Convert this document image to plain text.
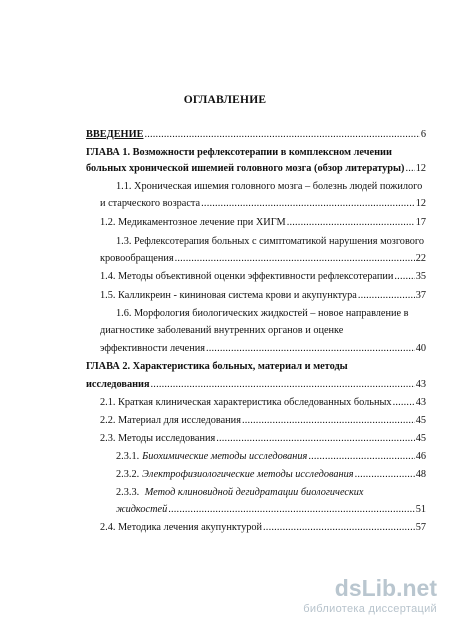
ОГЛАВЛЕНИЕ
ВВЕДЕНИЕ .....	6
ГЛАВА 1. Возможности рефлексотерапии в комплексном лечении
больных хронической ишемией головного мозга (обзор литературы) ..... 12
1.1. Хроническая ишемия головного мозга – болезнь людей пожилого
и старческого возраста .....	12
1.2. Медикаментозное лечение при ХИГМ .....	17
1.3. Рефлексотерапия больных с симптоматикой нарушения мозгового
кровообращения .....	22
1.4. Методы объективной оценки эффективности рефлексотерапии ..... 35
1.5. Калликреин - кининовая система крови и акупунктура .....	37
1.6. Морфология биологических жидкостей – новое направление в
диагностике заболеваний внутренних органов и оценке
эффективности лечения .....	40
ГЛАВА 2. Характеристика больных, материал и методы
исследования .....	43
2.1. Краткая клиническая характеристика обследованных больных ..... 43
2.2. Материал для исследования .....	45
2.3. Методы исследования .....	45
2.3.1. Биохимические методы исследования .....	46
2.3.2. Электрофизиологические методы исследования .....	48
2.3.3. Метод клиновидной дегидратации биологических
жидкостей .....	51
2.4. Методика лечения акупунктурой .....	57
dsLib.net
библиотека диссертаций
